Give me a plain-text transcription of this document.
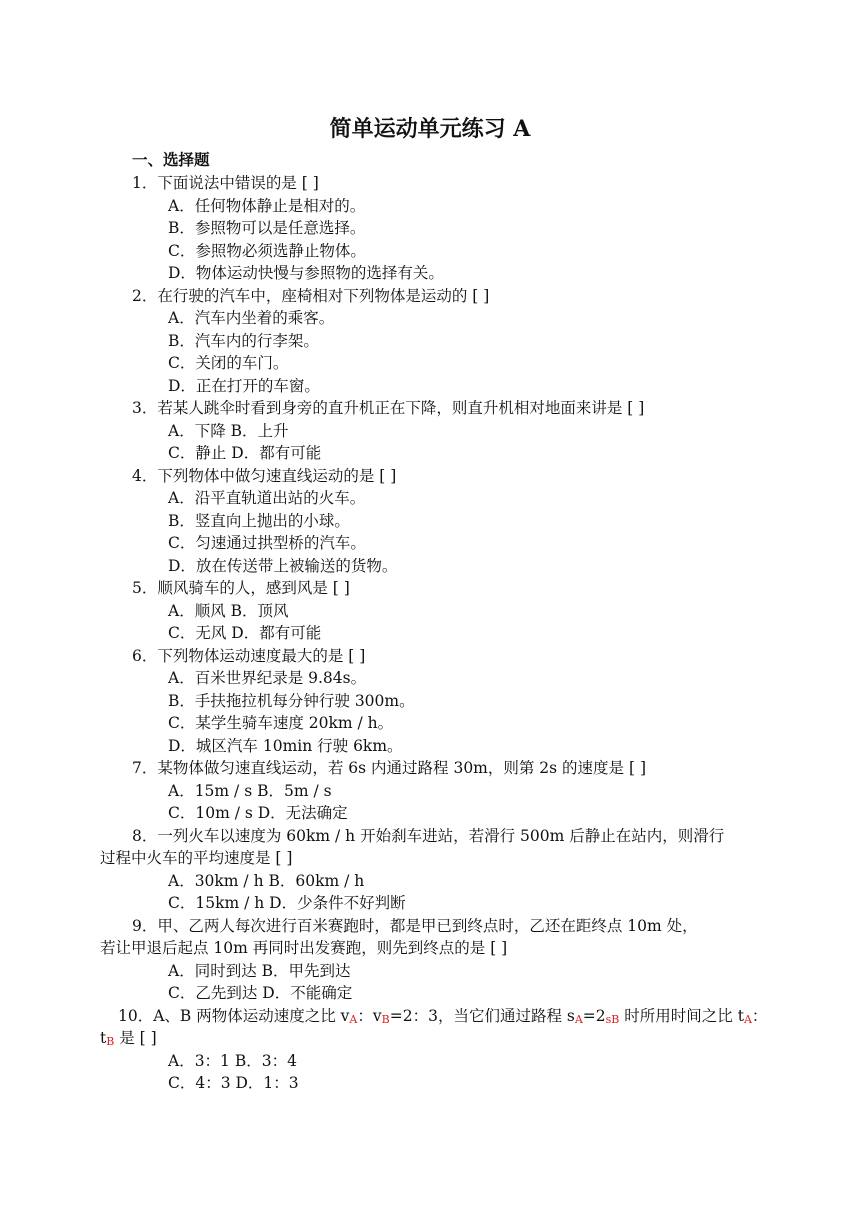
简单运动单元练习 A
一、选择题
1．下面说法中错误的是 [ ]
A．任何物体静止是相对的。
B．参照物可以是任意选择。
C．参照物必须选静止物体。
D．物体运动快慢与参照物的选择有关。
2．在行驶的汽车中，座椅相对下列物体是运动的 [ ]
A．汽车内坐着的乘客。
B．汽车内的行李架。
C．关闭的车门。
D．正在打开的车窗。
3．若某人跳伞时看到身旁的直升机正在下降，则直升机相对地面来讲是 [ ]
A．下降 B．上升
C．静止 D．都有可能
4．下列物体中做匀速直线运动的是 [ ]
A．沿平直轨道出站的火车。
B．竖直向上抛出的小球。
C．匀速通过拱型桥的汽车。
D．放在传送带上被输送的货物。
5．顺风骑车的人，感到风是 [ ]
A．顺风 B．顶风
C．无风 D．都有可能
6．下列物体运动速度最大的是 [ ]
A．百米世界纪录是 9.84s。
B．手扶拖拉机每分钟行驶 300m。
C．某学生骑车速度 20km / h。
D．城区汽车 10min 行驶 6km。
7．某物体做匀速直线运动，若 6s 内通过路程 30m，则第 2s 的速度是 [ ]
A．15m / s B．5m / s
C．10m / s D．无法确定
8．一列火车以速度为 60km / h 开始刹车进站，若滑行 500m 后静止在站内，则滑行
过程中火车的平均速度是 [ ]
A．30km / h B．60km / h
C．15km / h D．少条件不好判断
9．甲、乙两人每次进行百米赛跑时，都是甲已到终点时，乙还在距终点 10m 处，
若让甲退后起点 10m 再同时出发赛跑，则先到终点的是 [ ]
A．同时到达 B．甲先到达
C．乙先到达 D．不能确定
10．A、B 两物体运动速度之比 vA：vB=2：3，当它们通过路程 sA=2sB 时所用时间之比 tA：
tB 是 [ ]
A．3：1 B．3：4
C．4：3 D．1：3
